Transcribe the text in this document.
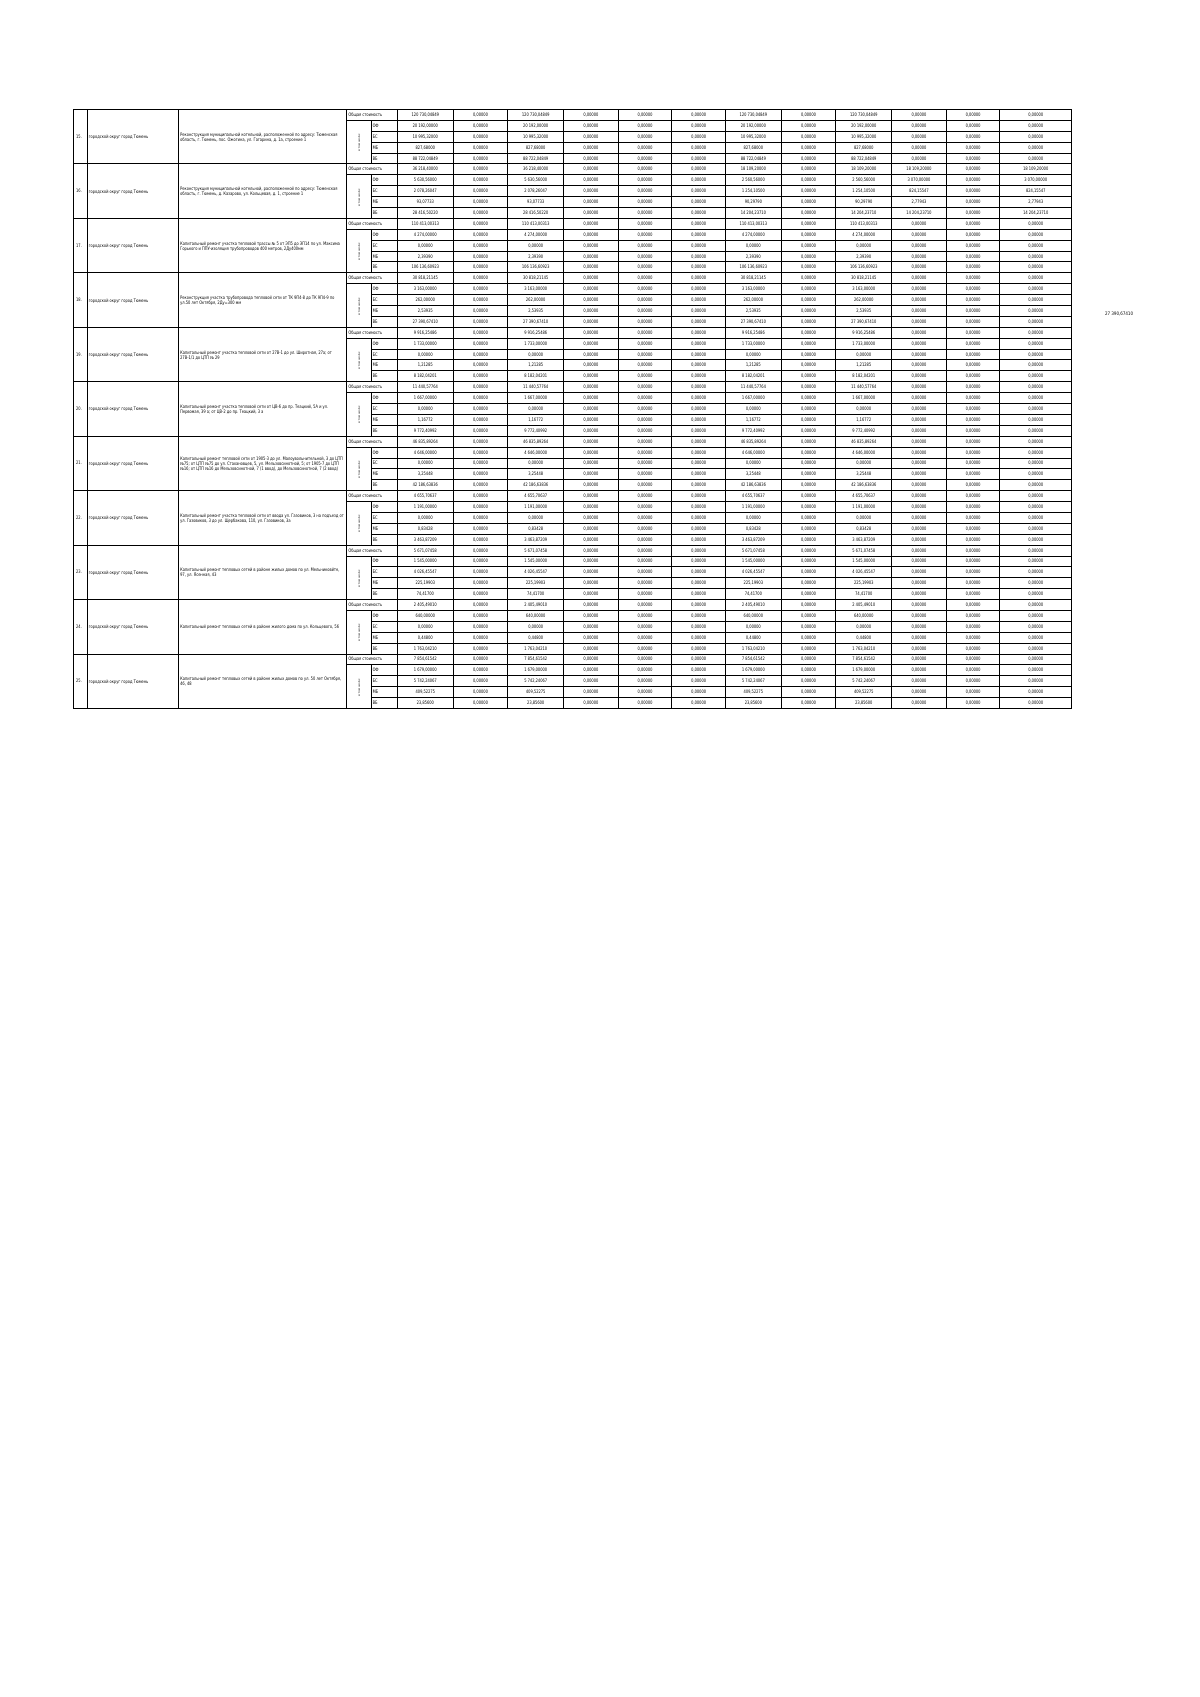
15.	городской округ город Тюмень	Реконструкция муниципальной котельной, расположенной по адресу: Тюменская область, г. Тюмень, пос. Ожогина, ул. Гагарина, д. 1а, строение 1	Общая стоимость		120 730,04849	0,00000	120 730,04849	0,00000	0,00000	0,00000	120 730,04849	0,00000	120 730,04849	0,00000	0,00000	0,00000

			в том числе:	ОФ	20 192,00000	0,00000	20 192,00000	0,00000	0,00000	0,00000	20 192,00000	0,00000	20 192,00000	0,00000	0,00000	0,00000
				БС	10 995,32000	0,00000	10 995,32000	0,00000	0,00000	0,00000	10 995,32000	0,00000	10 995,32000	0,00000	0,00000	0,00000
				МБ	827,68000	0,00000	827,68000	0,00000	0,00000	0,00000	827,68000	0,00000	827,68000	0,00000	0,00000	0,00000
				ВБ	88 722,04849	0,00000	88 722,04849	0,00000	0,00000	0,00000	88 722,04849	0,00000	88 722,04849	0,00000	0,00000	0,00000
16.	городской округ город Тюмень	Реконструкция муниципальной котельной, расположенной по адресу: Тюменская область, г. Тюмень, д. Казарово, ул. Кольцевая, д. 1, строение 1	Общая стоимость		36 218,40000	0,00000	36 218,40000	0,00000	0,00000	0,00000	18 109,20000	0,00000	18 109,20000	18 109,20000	0,00000	18 109,20000

			в том числе:	ОФ	5 630,56000	0,00000	5 630,56000	0,00000	0,00000	0,00000	2 560,56000	0,00000	2 560,56000	3 070,00000	0,00000	3 070,00000
				БС	2 078,26047	0,00000	2 078,26047	0,00000	0,00000	0,00000	1 254,10500	0,00000	1 254,10500	824,15547	0,00000	824,15547
				МБ	93,07733	0,00000	93,07733	0,00000	0,00000	0,00000	90,29790	0,00000	90,29790	2,77943	0,00000	2,77943
				ВБ	28 416,50220	0,00000	28 416,50220	0,00000	0,00000	0,00000	14 204,23710	0,00000	14 204,23710	14 204,23710	0,00000	14 204,23710
17.	городской округ город Тюмень	Капитальный ремонт участка тепловой трассы № 5 от ЭП5 до ЭП14 по ул. Максима Горького и ППУ-изоляция трубопроводов 400 метров, 2Ду400мм	Общая стоимость		110 413,00313	0,00000	110 413,00313	0,00000	0,00000	0,00000	110 413,00313	0,00000	110 413,00313	0,00000	0,00000	0,00000

			в том числе:	ОФ	4 274,00000	0,00000	4 274,00000	0,00000	0,00000	0,00000	4 274,00000	0,00000	4 274,00000	0,00000	0,00000	0,00000
				БС	0,00000	0,00000	0,00000	0,00000	0,00000	0,00000	0,00000	0,00000	0,00000	0,00000	0,00000	0,00000
				МБ	2,39390	0,00000	2,39390	0,00000	0,00000	0,00000	2,39390	0,00000	2,39390	0,00000	0,00000	0,00000
				ВБ	106 136,60923	0,00000	106 136,60923	0,00000	0,00000	0,00000	106 136,60923	0,00000	106 136,60923	0,00000	0,00000	0,00000
18.	городской округ город Тюмень	Реконструкция участка трубопровода тепловой сети от ТК 9П4-8 до ТК 9П4-9 по ул.50 лет Октября, 2Ду=300 мм	Общая стоимость		30 818,21145	0,00000	30 818,21145	0,00000	0,00000	0,00000	30 818,21145	0,00000	30 818,21145	0,00000	0,00000	0,00000

			в том числе:	ОФ	3 163,00000	0,00000	3 163,00000	0,00000	0,00000	0,00000	3 163,00000	0,00000	3 163,00000	0,00000	0,00000	0,00000
				БС	262,00000	0,00000	262,00000	0,00000	0,00000	0,00000	262,00000	0,00000	262,00000	0,00000	0,00000	0,00000
				МБ	2,53935	0,00000	2,53935	0,00000	0,00000	0,00000	2,53935	0,00000	2,53935	0,00000	0,00000	0,00000
				ВБ	27 390,67410	0,00000	27 390,67410	0,00000	0,00000	0,00000	27 390,67410	0,00000	27 390,67410	0,00000	0,00000	0,00000
19.	городской округ город Тюмень	Капитальный ремонт участка тепловой сети от 27В-1 до ул. Широтная, 27а; от 27В-1/1 до ЦТП № 29	Общая стоимость		9 916,25486	0,00000	9 916,25486	0,00000	0,00000	0,00000	9 916,25486	0,00000	9 916,25486	0,00000	0,00000	0,00000

			в том числе:	ОФ	1 733,00000	0,00000	1 733,00000	0,00000	0,00000	0,00000	1 733,00000	0,00000	1 733,00000	0,00000	0,00000	0,00000
				БС	0,00000	0,00000	0,00000	0,00000	0,00000	0,00000	0,00000	0,00000	0,00000	0,00000	0,00000	0,00000
				МБ	1,21285	0,00000	1,21285	0,00000	0,00000	0,00000	1,21285	0,00000	1,21285	0,00000	0,00000	0,00000
				ВБ	8 182,04201	0,00000	8 182,04201	0,00000	0,00000	0,00000	8 182,04201	0,00000	8 182,04201	0,00000	0,00000	0,00000
20.	городской округ город Тюмень	Капитальный ремонт участка тепловой сети от ЦВ-6 до пр. Теацкий, 5А и ул. Первомая, 39 а; от ЦВ-2 до пр. Теацкий, 3 а	Общая стоимость		11 440,57764	0,00000	11 440,57764	0,00000	0,00000	0,00000	11 440,57764	0,00000	11 440,57764	0,00000	0,00000	0,00000

			в том числе:	ОФ	1 667,00000	0,00000	1 667,00000	0,00000	0,00000	0,00000	1 667,00000	0,00000	1 667,00000	0,00000	0,00000	0,00000
				БС	0,00000	0,00000	0,00000	0,00000	0,00000	0,00000	0,00000	0,00000	0,00000	0,00000	0,00000	0,00000
				МБ	1,16772	0,00000	1,16772	0,00000	0,00000	0,00000	1,16772	0,00000	1,16772	0,00000	0,00000	0,00000
				ВБ	9 772,40992	0,00000	9 772,40992	0,00000	0,00000	0,00000	9 772,40992	0,00000	9 772,40992	0,00000	0,00000	0,00000
21.	городской округ город Тюмень	Капитальный ремонт тепловой сети от 1905-3 до ул. Малоувольнительной, 3 до ЦТП №75; от ЦТП №75 до ул. Стахановцев, 5, ул. Мельзовсинотной, 5; от 1905-7 до ЦТП №16; от ЦТП №16 до Мельзовсинотной, 7 (1 ввод), до Мельзовсинотной, 7 (2 ввод)	Общая стоимость		46 835,89264	0,00000	46 835,89264	0,00000	0,00000	0,00000	46 835,89264	0,00000	46 835,89264	0,00000	0,00000	0,00000

			в том числе:	ОФ	4 646,00000	0,00000	4 646,00000	0,00000	0,00000	0,00000	4 646,00000	0,00000	4 646,00000	0,00000	0,00000	0,00000
				БС	0,00000	0,00000	0,00000	0,00000	0,00000	0,00000	0,00000	0,00000	0,00000	0,00000	0,00000	0,00000
				МБ	3,25448	0,00000	3,25448	0,00000	0,00000	0,00000	3,25448	0,00000	3,25448	0,00000	0,00000	0,00000
				ВБ	42 186,63836	0,00000	42 186,63836	0,00000	0,00000	0,00000	42 186,63836	0,00000	42 186,63836	0,00000	0,00000	0,00000
22.	городской округ город Тюмень	Капитальный ремонт участка тепловой сети от ввода ул. Газовиков, 3 на подъезд от ул. Газовиков, 3 до ул. Щербакова, 110, ул. Газовиков, 3а	Общая стоимость		4 655,70637	0,00000	4 655,70637	0,00000	0,00000	0,00000	4 655,70637	0,00000	4 655,70637	0,00000	0,00000	0,00000

			в том числе:	ОФ	1 191,00000	0,00000	1 191,00000	0,00000	0,00000	0,00000	1 191,00000	0,00000	1 191,00000	0,00000	0,00000	0,00000
				БС	0,00000	0,00000	0,00000	0,00000	0,00000	0,00000	0,00000	0,00000	0,00000	0,00000	0,00000	0,00000
				МБ	0,83428	0,00000	0,83428	0,00000	0,00000	0,00000	0,83428	0,00000	0,83428	0,00000	0,00000	0,00000
				ВБ	3 463,87209	0,00000	3 463,87209	0,00000	0,00000	0,00000	3 463,87209	0,00000	3 463,87209	0,00000	0,00000	0,00000
23.	городской округ город Тюмень	Капитальный ремонт тепловых сетей в районе жилых домов по ул. Мельниковйте, 97, ул. Ясенная, 43	Общая стоимость		5 671,07458	0,00000	5 671,07458	0,00000	0,00000	0,00000	5 671,07458	0,00000	5 671,07458	0,00000	0,00000	0,00000

			в том числе:	ОФ	1 545,00000	0,00000	1 545,00000	0,00000	0,00000	0,00000	1 545,00000	0,00000	1 545,00000	0,00000	0,00000	0,00000
				БС	4 026,45547	0,00000	4 026,45547	0,00000	0,00000	0,00000	4 026,45547	0,00000	4 026,45547	0,00000	0,00000	0,00000
				МБ	225,19903	0,00000	225,19903	0,00000	0,00000	0,00000	225,19903	0,00000	225,19903	0,00000	0,00000	0,00000
				ВБ	74,41700	0,00000	74,41700	0,00000	0,00000	0,00000	74,41700	0,00000	74,41700	0,00000	0,00000	0,00000
24.	городской округ город Тюмень	Капитальный ремонт тепловых сетей в районе жилого дома по ул. Кольцевого, 56	Общая стоимость		2 405,49010	0,00000	2 405,49010	0,00000	0,00000	0,00000	2 405,49010	0,00000	2 405,49010	0,00000	0,00000	0,00000

			в том числе:	ОФ	640,00000	0,00000	640,00000	0,00000	0,00000	0,00000	640,00000	0,00000	640,00000	0,00000	0,00000	0,00000
				БС	0,00000	0,00000	0,00000	0,00000	0,00000	0,00000	0,00000	0,00000	0,00000	0,00000	0,00000	0,00000
				МБ	0,44800	0,00000	0,44800	0,00000	0,00000	0,00000	0,44800	0,00000	0,44800	0,00000	0,00000	0,00000
				ВБ	1 763,04210	0,00000	1 763,04210	0,00000	0,00000	0,00000	1 763,04210	0,00000	1 763,04210	0,00000	0,00000	0,00000
25.	городской округ город Тюмень	Капитальный ремонт тепловых сетей в районе жилых домов по ул. 50 лет Октября, 46, 48	Общая стоимость		7 854,61542	0,00000	7 854,61542	0,00000	0,00000	0,00000	7 854,61542	0,00000	7 854,61542	0,00000	0,00000	0,00000

			в том числе:	ОФ	1 679,00000	0,00000	1 679,00000	0,00000	0,00000	0,00000	1 679,00000	0,00000	1 679,00000	0,00000	0,00000	0,00000
				БС	5 742,24067	0,00000	5 742,24067	0,00000	0,00000	0,00000	5 742,24067	0,00000	5 742,24067	0,00000	0,00000	0,00000
				МБ	409,52275	0,00000	409,52275	0,00000	0,00000	0,00000	409,52275	0,00000	409,52275	0,00000	0,00000	0,00000
				ВБ	23,85600	0,00000	23,85600	0,00000	0,00000	0,00000	23,85600	0,00000	23,85600	0,00000	0,00000	0,00000
27 390,67410
